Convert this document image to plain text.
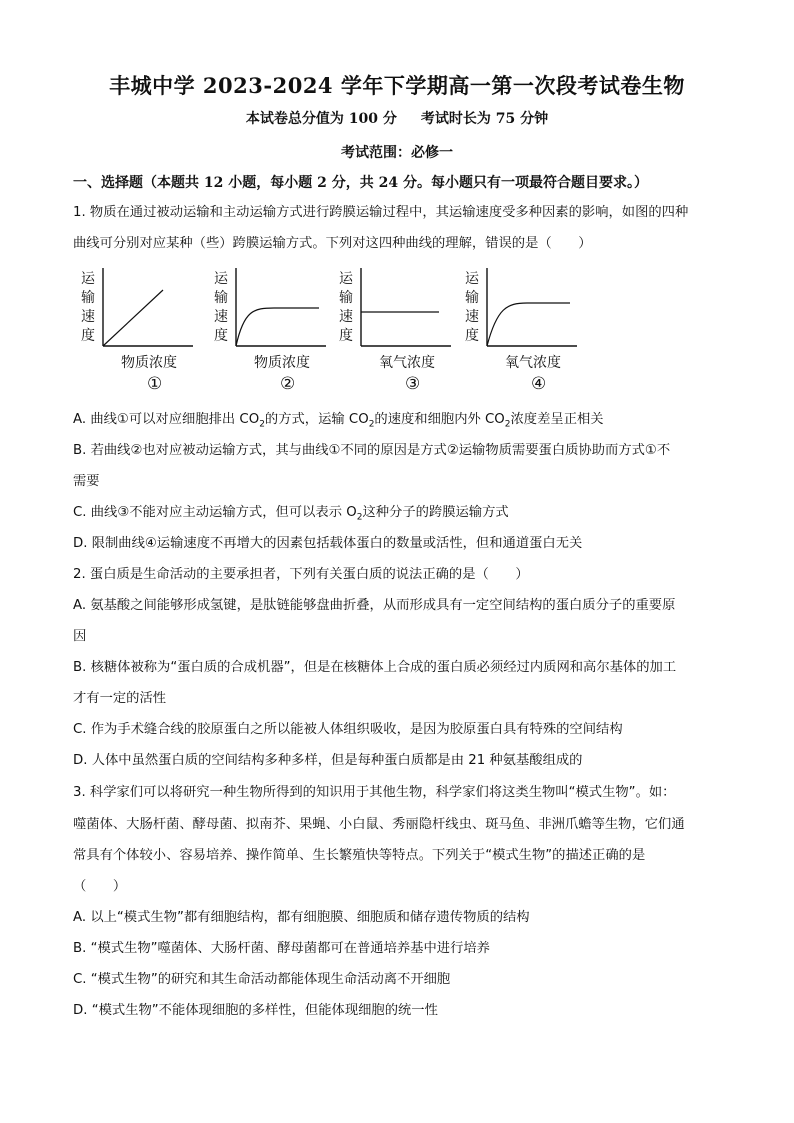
丰城中学 2023-2024 学年下学期高一第一次段考试卷生物
本试卷总分值为 100 分 考试时长为 75 分钟
考试范围：必修一
一、选择题（本题共 12 小题，每小题 2 分，共 24 分。每小题只有一项最符合题目要求。）
1. 物质在通过被动运输和主动运输方式进行跨膜运输过程中，其运输速度受多种因素的影响，如图的四种
曲线可分别对应某种（些）跨膜运输方式。下列对这四种曲线的理解，错误的是（　　）
运
输
速
度
物质浓度
①
运
输
速
度
物质浓度
②
运
输
速
度
氧气浓度
③
运
输
速
度
氧气浓度
④
A. 曲线①可以对应细胞排出 $CO_2$的方式，运输 $CO_2$的速度和细胞内外 $CO_2$浓度差呈正相关
B. 若曲线②也对应被动运输方式，其与曲线①不同的原因是方式②运输物质需要蛋白质协助而方式①不
需要
C. 曲线③不能对应主动运输方式，但可以表示 $O_2$这种分子的跨膜运输方式
D. 限制曲线④运输速度不再增大的因素包括载体蛋白的数量或活性，但和通道蛋白无关
2. 蛋白质是生命活动的主要承担者，下列有关蛋白质的说法正确的是（　　）
A. 氨基酸之间能够形成氢键，是肽链能够盘曲折叠，从而形成具有一定空间结构的蛋白质分子的重要原
因
B. 核糖体被称为“蛋白质的合成机器”，但是在核糖体上合成的蛋白质必须经过内质网和高尔基体的加工
才有一定的活性
C. 作为手术缝合线的胶原蛋白之所以能被人体组织吸收，是因为胶原蛋白具有特殊的空间结构
D. 人体中虽然蛋白质的空间结构多种多样，但是每种蛋白质都是由 21 种氨基酸组成的
3. 科学家们可以将研究一种生物所得到的知识用于其他生物，科学家们将这类生物叫“模式生物”。如：
噬菌体、大肠杆菌、酵母菌、拟南芥、果蝇、小白鼠、秀丽隐杆线虫、斑马鱼、非洲爪蟾等生物，它们通
常具有个体较小、容易培养、操作简单、生长繁殖快等特点。下列关于“模式生物”的描述正确的是
（　　）
A. 以上“模式生物”都有细胞结构，都有细胞膜、细胞质和储存遗传物质的结构
B. “模式生物”噬菌体、大肠杆菌、酵母菌都可在普通培养基中进行培养
C. “模式生物”的研究和其生命活动都能体现生命活动离不开细胞
D. “模式生物”不能体现细胞的多样性，但能体现细胞的统一性
